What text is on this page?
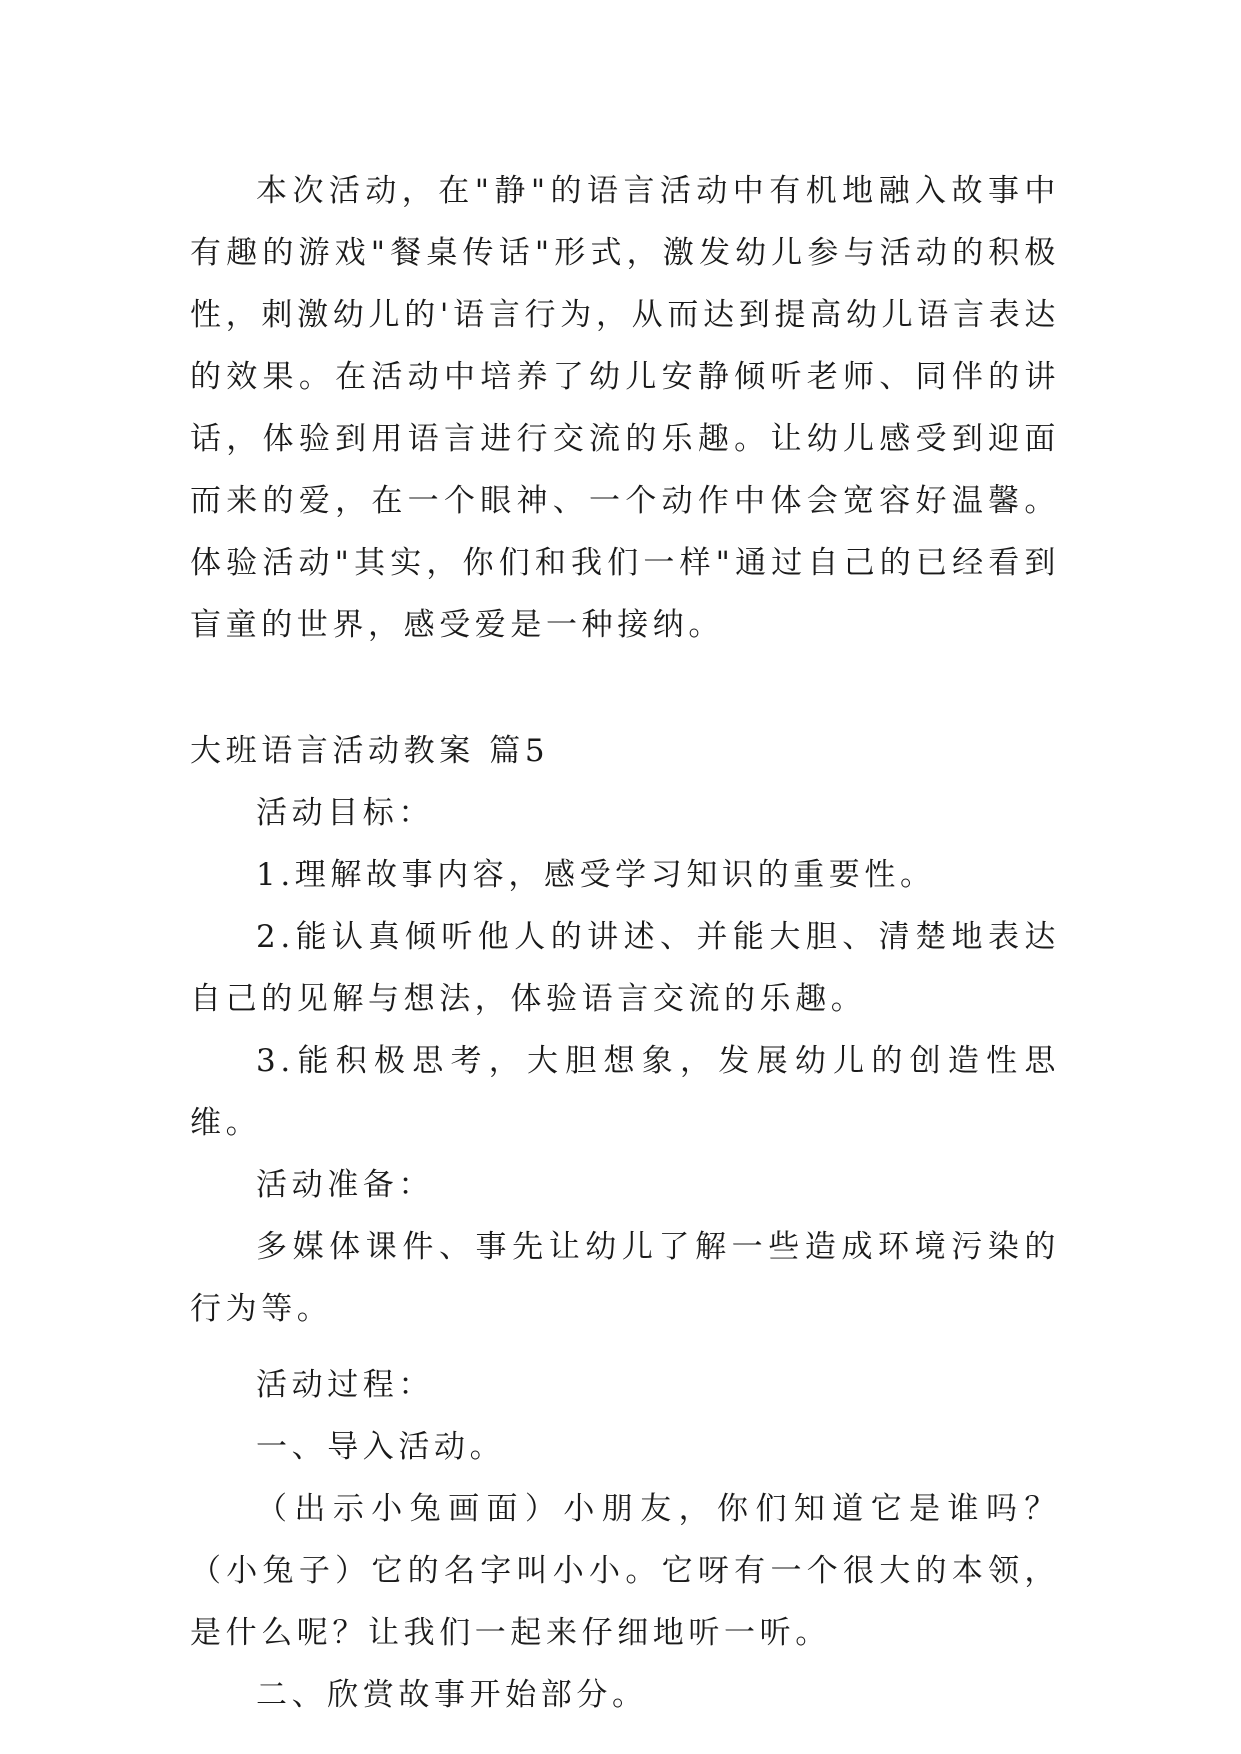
本次活动，在"静"的语言活动中有机地融入故事中有趣的游戏"餐桌传话"形式，激发幼儿参与活动的积极性，刺激幼儿的'语言行为，从而达到提高幼儿语言表达的效果。在活动中培养了幼儿安静倾听老师、同伴的讲话，体验到用语言进行交流的乐趣。让幼儿感受到迎面而来的爱，在一个眼神、一个动作中体会宽容好温馨。体验活动"其实，你们和我们一样"通过自己的已经看到盲童的世界，感受爱是一种接纳。

大班语言活动教案 篇5

活动目标：

1.理解故事内容，感受学习知识的重要性。

2.能认真倾听他人的讲述、并能大胆、清楚地表达自己的见解与想法，体验语言交流的乐趣。

3.能积极思考，大胆想象，发展幼儿的创造性思维。

活动准备：

多媒体课件、事先让幼儿了解一些造成环境污染的行为等。

活动过程：

一、导入活动。

（出示小兔画面）小朋友，你们知道它是谁吗？（小兔子）它的名字叫小小。它呀有一个很大的本领，是什么呢？让我们一起来仔细地听一听。

二、欣赏故事开始部分。
